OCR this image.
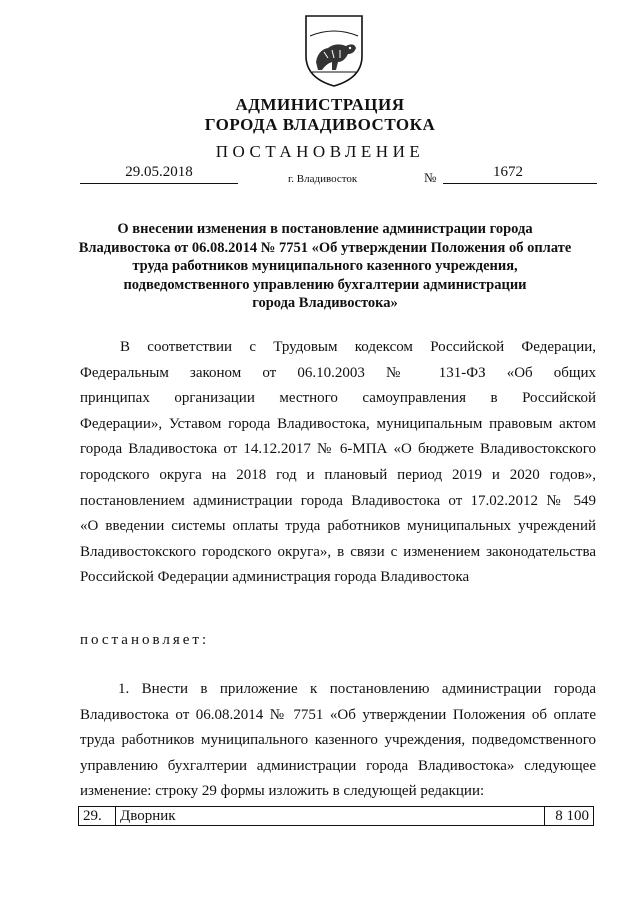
АДМИНИСТРАЦИЯ
ГОРОДА ВЛАДИВОСТОКА
ПОСТАНОВЛЕНИЕ
29.05.2018	г. Владивосток	№	1672
О внесении изменения в постановление администрации города
Владивостока от 06.08.2014 № 7751 «Об утверждении Положения об оплате
труда работников муниципального казенного учреждения,
подведомственного управлению бухгалтерии администрации
города Владивостока»
В соответствии с Трудовым кодексом Российской Федерации,
Федеральным законом от 06.10.2003 № 131-ФЗ «Об общих
принципах организации местного самоуправления в Российской
Федерации», Уставом города Владивостока, муниципальным правовым актом
города Владивостока от 14.12.2017 № 6-МПА «О бюджете Владивостокского
городского округа на 2018 год и плановый период 2019 и 2020 годов»,
постановлением администрации города Владивостока от 17.02.2012 № 549
«О введении системы оплаты труда работников муниципальных учреждений
Владивостокского городского округа», в связи с изменением законодательства
Российской Федерации администрация города Владивостока
постановляет:
1. Внести в приложение к постановлению администрации города
Владивостока от 06.08.2014 № 7751 «Об утверждении Положения об оплате
труда работников муниципального казенного учреждения, подведомственного
управлению бухгалтерии администрации города Владивостока» следующее
изменение: строку 29 формы изложить в следующей редакции:
29.	Дворник	8 100
